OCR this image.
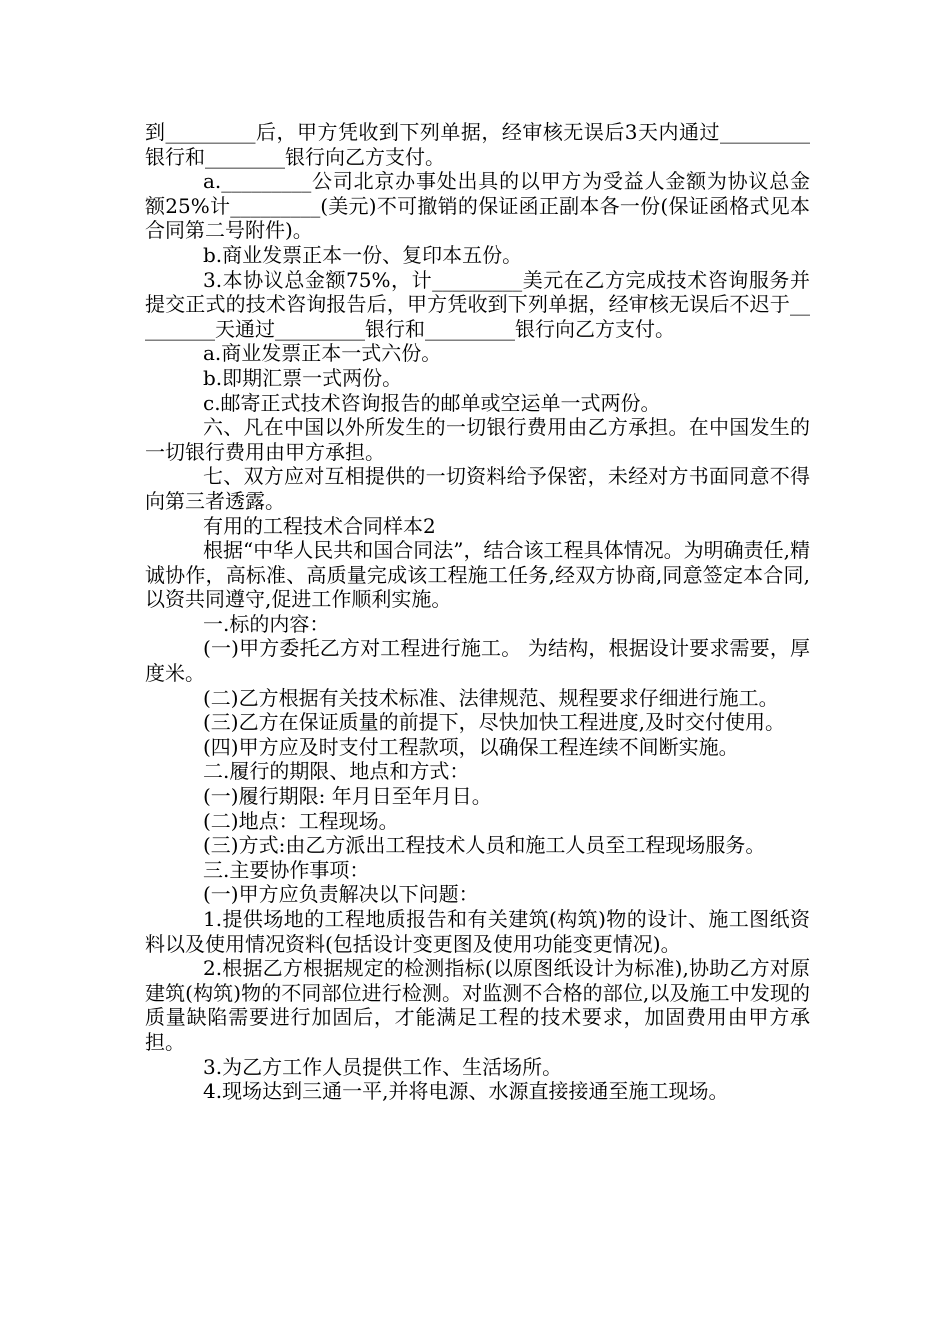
到_________后，甲方凭收到下列单据，经审核无误后3天内通过_________银行和________银行向乙方支付。

a._________公司北京办事处出具的以甲方为受益人金额为协议总金额25%计_________(美元)不可撤销的保证函正副本各一份(保证函格式见本合同第二号附件)。

b.商业发票正本一份、复印本五份。

3.本协议总金额75%，计_________美元在乙方完成技术咨询服务并提交正式的技术咨询报告后，甲方凭收到下列单据，经审核无误后不迟于_________天通过_________银行和_________银行向乙方支付。

a.商业发票正本一式六份。

b.即期汇票一式两份。

c.邮寄正式技术咨询报告的邮单或空运单一式两份。

六、凡在中国以外所发生的一切银行费用由乙方承担。在中国发生的一切银行费用由甲方承担。

七、双方应对互相提供的一切资料给予保密，未经对方书面同意不得向第三者透露。

有用的工程技术合同样本2

根据“中华人民共和国合同法”，结合该工程具体情况。为明确责任,精诚协作，高标准、高质量完成该工程施工任务,经双方协商,同意签定本合同,以资共同遵守,促进工作顺利实施。

一.标的内容：

(一)甲方委托乙方对工程进行施工。 为结构，根据设计要求需要，厚度米。

(二)乙方根据有关技术标准、法律规范、规程要求仔细进行施工。

(三)乙方在保证质量的前提下，尽快加快工程进度,及时交付使用。

(四)甲方应及时支付工程款项，以确保工程连续不间断实施。

二.履行的期限、地点和方式：

(一)履行期限: 年月日至年月日。

(二)地点：工程现场。

(三)方式:由乙方派出工程技术人员和施工人员至工程现场服务。

三.主要协作事项：

(一)甲方应负责解决以下问题：

1.提供场地的工程地质报告和有关建筑(构筑)物的设计、施工图纸资料以及使用情况资料(包括设计变更图及使用功能变更情况)。

2.根据乙方根据规定的检测指标(以原图纸设计为标准),协助乙方对原建筑(构筑)物的不同部位进行检测。对监测不合格的部位,以及施工中发现的质量缺陷需要进行加固后，才能满足工程的技术要求，加固费用由甲方承担。

3.为乙方工作人员提供工作、生活场所。

4.现场达到三通一平,并将电源、水源直接接通至施工现场。
